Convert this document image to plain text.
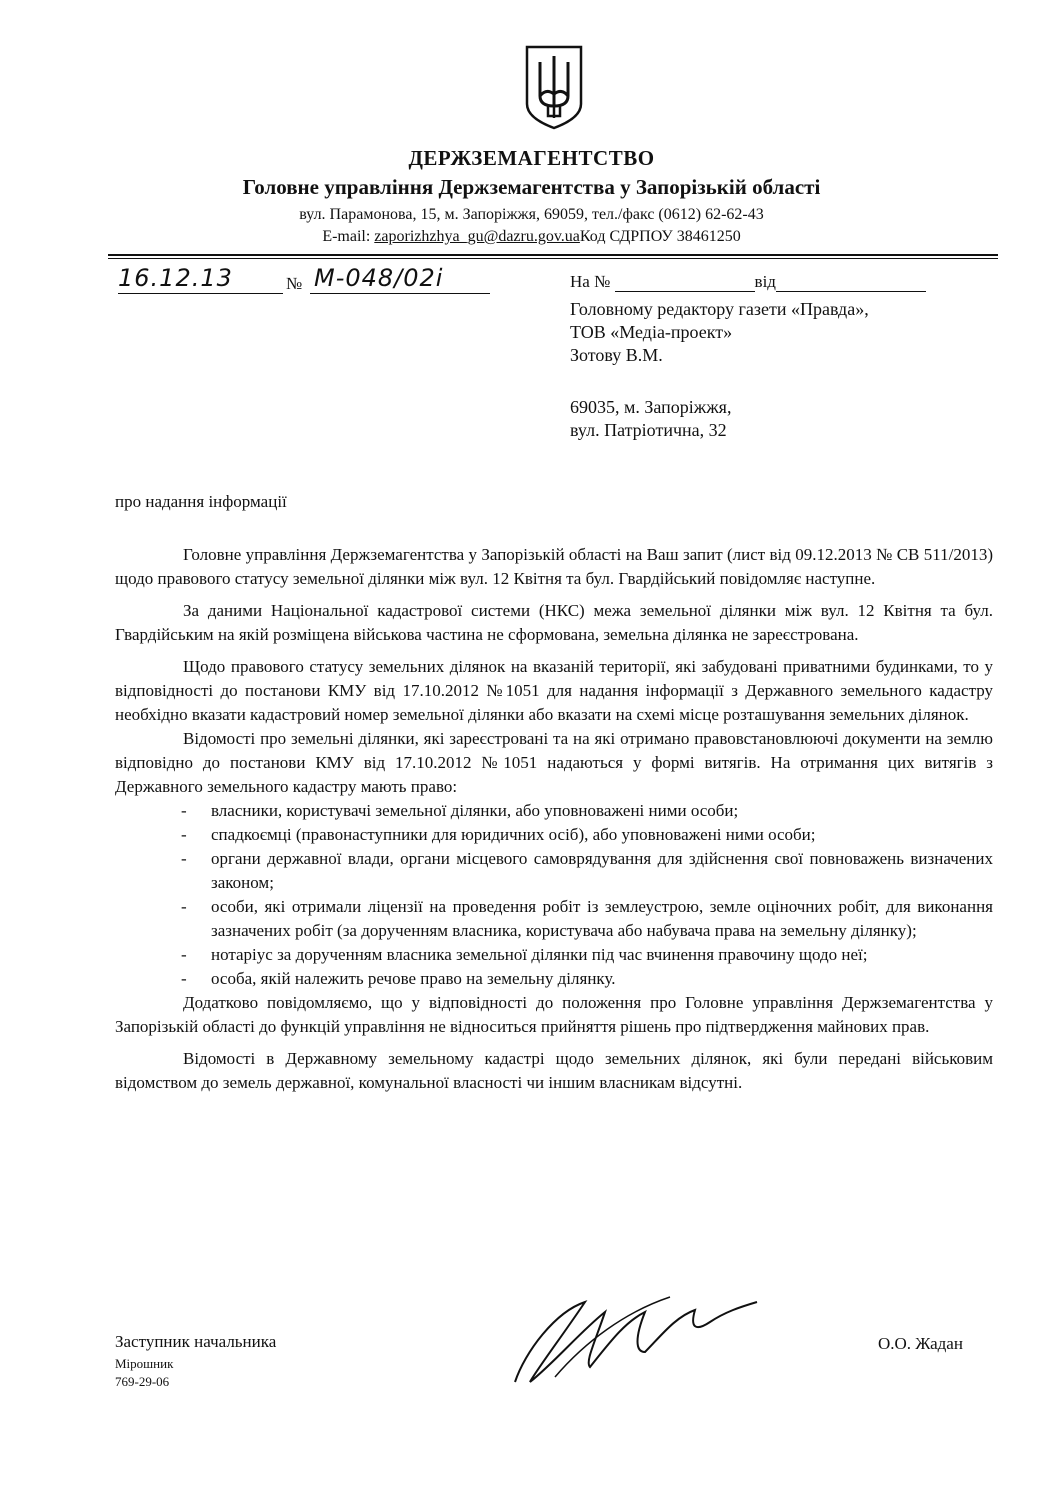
ДЕРЖЗЕМАГЕНТСТВО
Головне управління Держземагентства у Запорізькій області
вул. Парамонова, 15, м. Запоріжжя, 69059, тел./факс (0612) 62-62-43
E-mail: zaporizhzhya_gu@dazru.gov.uaКод СДРПОУ 38461250
16.12.13	№ М-048/02і	На №	від
Головному редактору газети «Правда»,
ТОВ «Медіа-проект»
Зотову В.М.
69035, м. Запоріжжя,
вул. Патріотична, 32
про надання інформації

Головне управління Держземагентства у Запорізькій області на Ваш запит (лист від 09.12.2013 № СВ 511/2013) щодо правового статусу земельної ділянки між вул. 12 Квітня та бул. Гвардійський повідомляє наступне.

За даними Національної кадастрової системи (НКС) межа земельної ділянки між вул. 12 Квітня та бул. Гвардійським на якій розміщена військова частина не сформована, земельна ділянка не зареєстрована.

Щодо правового статусу земельних ділянок на вказаній території, які забудовані приватними будинками, то у відповідності до постанови КМУ від 17.10.2012 №1051 для надання інформації з Державного земельного кадастру необхідно вказати кадастровий номер земельної ділянки або вказати на схемі місце розташування земельних ділянок.

Відомості про земельні ділянки, які зареєстровані та на які отримано правовстановлюючі документи на землю відповідно до постанови КМУ від 17.10.2012 №1051 надаються у формі витягів. На отримання цих витягів з Державного земельного кадастру мають право:

- власники, користувачі земельної ділянки, або уповноважені ними особи;
- спадкоємці (правонаступники для юридичних осіб), або уповноважені ними особи;
- органи державної влади, органи місцевого самоврядування для здійснення свої повноважень визначених законом;
- особи, які отримали ліцензії на проведення робіт із землеустрою, земле оціночних робіт, для виконання зазначених робіт (за дорученням власника, користувача або набувача права на земельну ділянку);
- нотаріус за дорученням власника земельної ділянки під час вчинення правочину щодо неї;
- особа, якій належить речове право на земельну ділянку.

Додатково повідомляємо, що у відповідності до положення про Головне управління Держземагентства у Запорізькій області до функцій управління не відноситься прийняття рішень про підтвердження майнових прав.

Відомості в Державному земельному кадастрі щодо земельних ділянок, які були передані військовим відомством до земель державної, комунальної власності чи іншим власникам відсутні.

Заступник начальника	О.О. Жадан
Мірошник
769-29-06
